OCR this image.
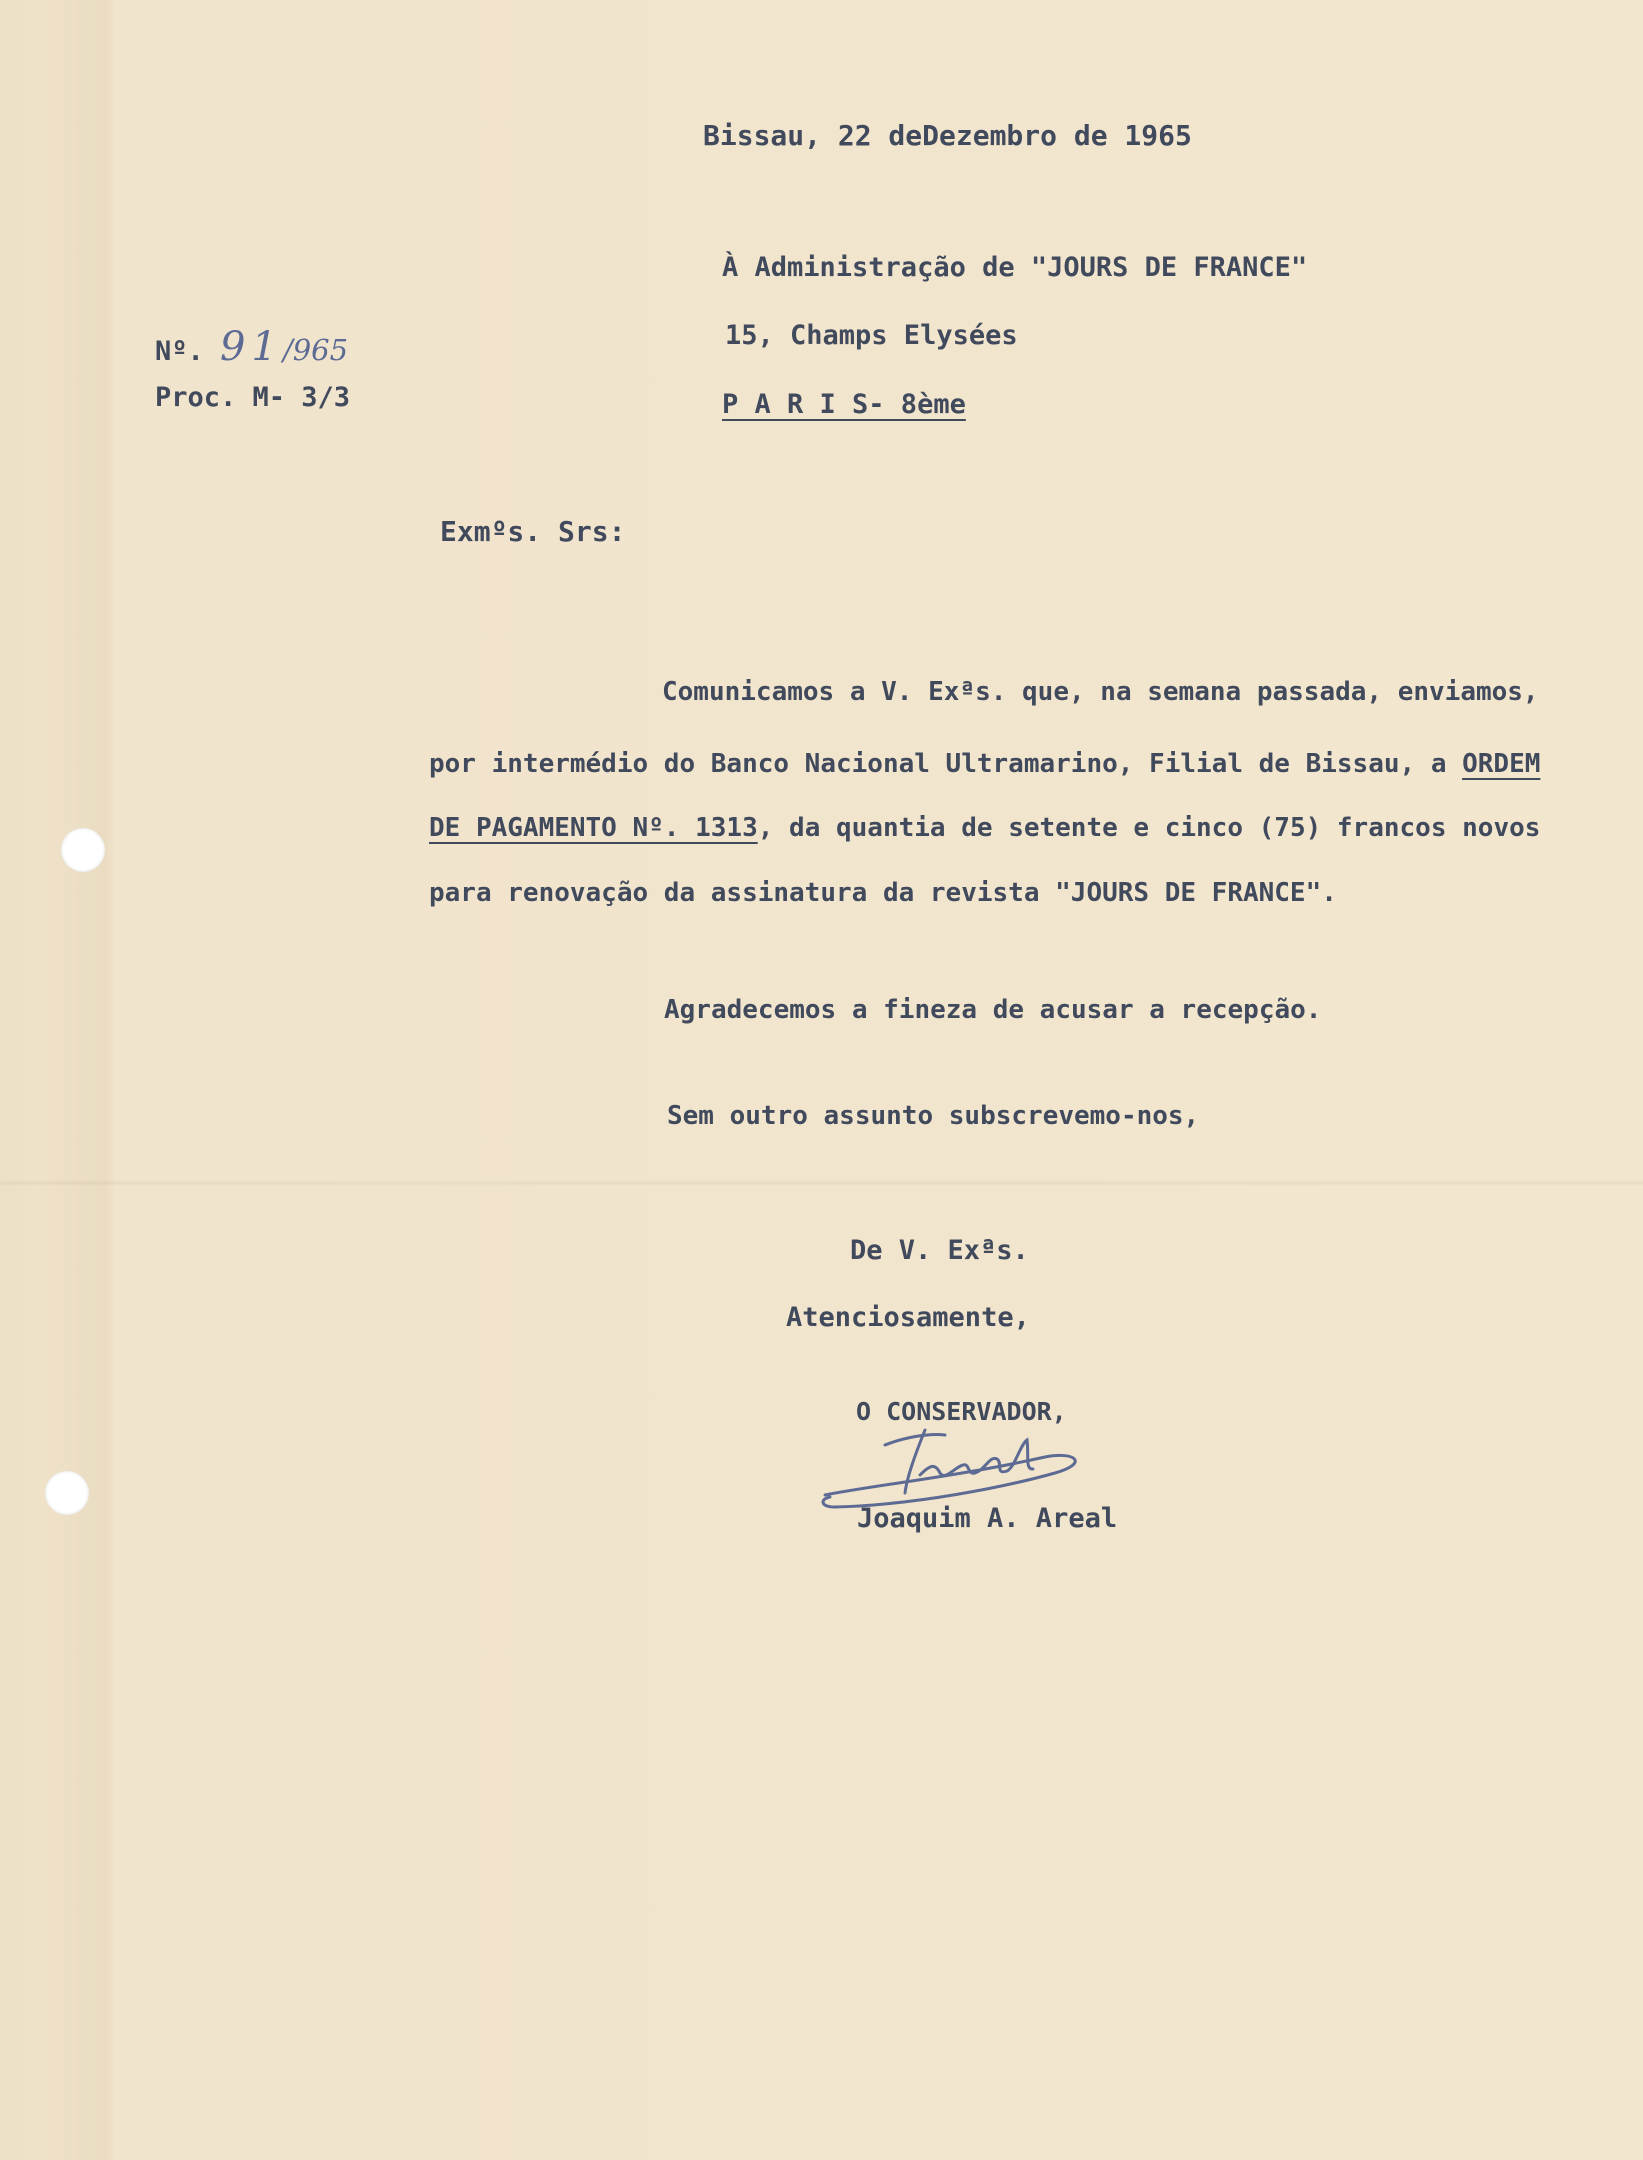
Bissau, 22 deDezembro de 1965
Nº. 91/965
Proc. M- 3/3
À Administração de "JOURS DE FRANCE"
15, Champs Elysées
P A R I S- 8ème
Exmºs. Srs:
Comunicamos a V. Exªs. que, na semana passada, enviamos,
por intermédio do Banco Nacional Ultramarino, Filial de Bissau, a ORDEM
DE PAGAMENTO Nº. 1313, da quantia de setente e cinco (75) francos novos
para renovação da assinatura da revista "JOURS DE FRANCE".
Agradecemos a fineza de acusar a recepção.
Sem outro assunto subscrevemo-nos,
De V. Exªs.
Atenciosamente,
O CONSERVADOR,
Joaquim A. Areal
